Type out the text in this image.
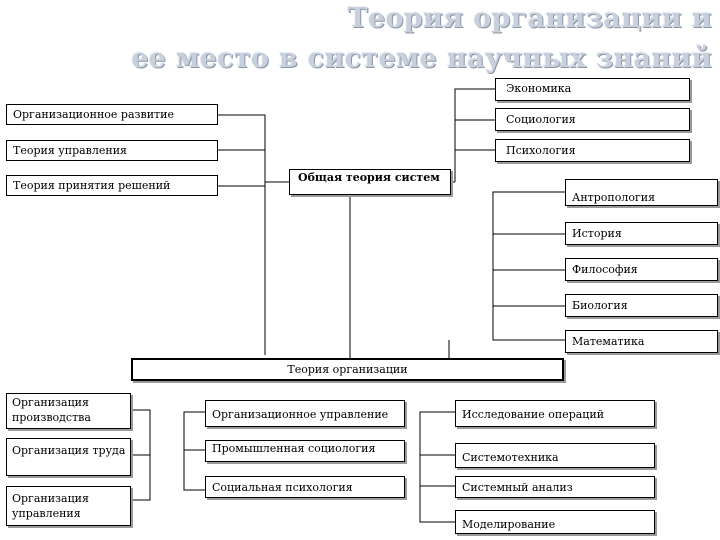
Теория организации и
ее место в системе научных знаний
Организационное развитие
Теория управления
Теория принятия решений
Общая теория систем
Экономика
Социология
Психология
Антропология
История
Философия
Биология
Математика
Теория организации
Организация производства
Организация труда
Организация управления
Организационное управление
Промышленная социология
Социальная психология
Исследование операций
Системотехника
Системный анализ
Моделирование
